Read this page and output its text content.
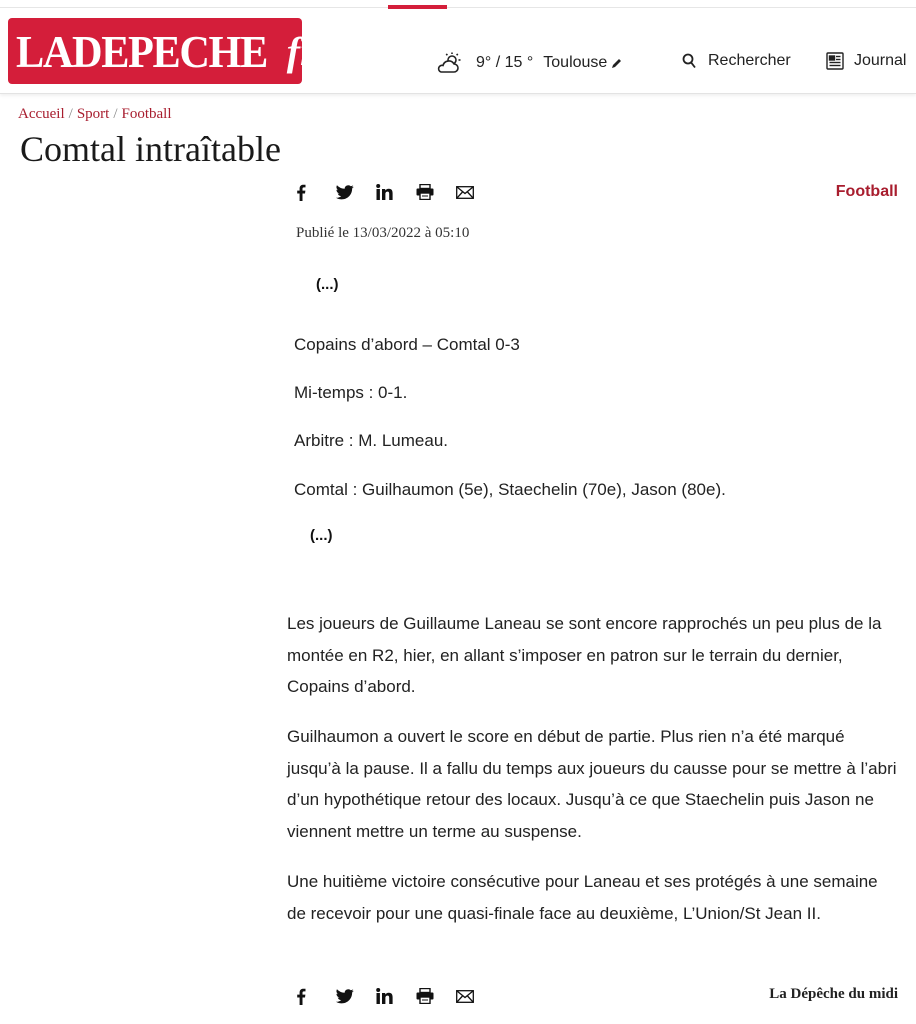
LADEPECHE fr	9° / 15 ° Toulouse	Rechercher	Journal
Accueil / Sport / Football
Comtal intraîtable
Football
Publié le 13/03/2022 à 05:10
(...)
Copains d’abord – Comtal 0-3
Mi-temps : 0-1.
Arbitre : M. Lumeau.
Comtal : Guilhaumon (5e), Staechelin (70e), Jason (80e).
(...)

Les joueurs de Guillaume Laneau se sont encore rapprochés un peu plus de la montée en R2, hier, en allant s’imposer en patron sur le terrain du dernier, Copains d’abord.

Guilhaumon a ouvert le score en début de partie. Plus rien n’a été marqué jusqu’à la pause. Il a fallu du temps aux joueurs du causse pour se mettre à l’abri d’un hypothétique retour des locaux. Jusqu’à ce que Staechelin puis Jason ne viennent mettre un terme au suspense.

Une huitième victoire consécutive pour Laneau et ses protégés à une semaine de recevoir pour une quasi-finale face au deuxième, L’Union/St Jean II.

La Dépêche du midi
